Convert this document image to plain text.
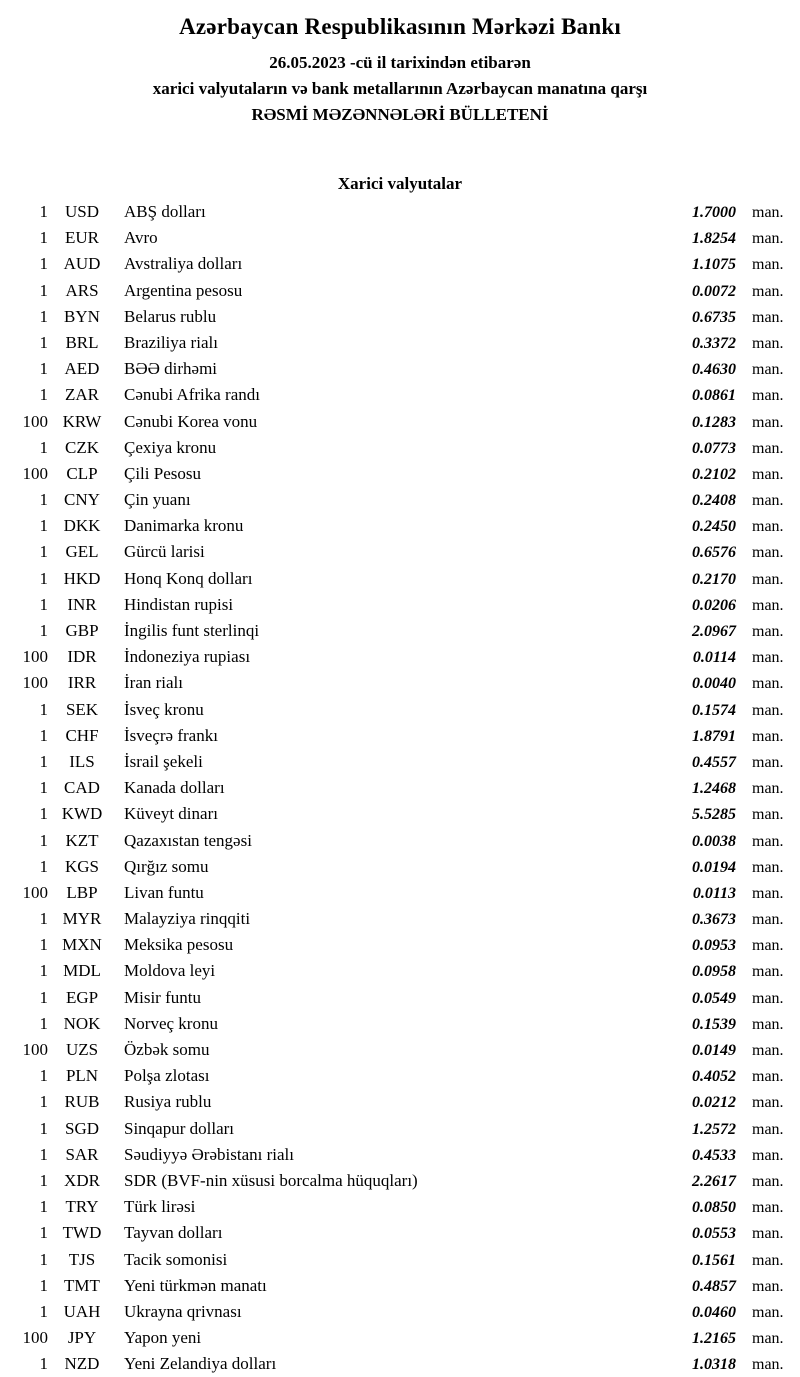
Azərbaycan Respublikasının Mərkəzi Bankı

26.05.2023 -cü il tarixindən etibarən

xarici valyutaların və bank metallarının Azərbaycan manatına qarşı

RƏSMİ MƏZƏNNƏLƏRİ BÜLLETENİ

Xarici valyutalar
1 USD	ABŞ dolları	1.7000	man.
1	EUR	Avro	1.8254	man.
1 AUD	Avstraliya dolları	1.1075	man.
1	ARS	Argentina pesosu	0.0072	man.
1 BYN	Belarus rublu	0.6735	man.
1	BRL	Braziliya rialı	0.3372	man.
1 AED	BƏƏ dirhəmi	0.4630	man.
1	ZAR	Cənubi Afrika randı	0.0861	man.
100 KRW	Cənubi Korea vonu	0.1283	man.
1	CZK	Çexiya kronu	0.0773	man.
100	CLP	Çili Pesosu	0.2102	man.
1 CNY	Çin yuanı	0.2408	man.
1 DKK	Danimarka kronu	0.2450	man.
1	GEL	Gürcü larisi	0.6576	man.
1 HKD	Honq Konq dolları	0.2170	man.
1	INR	Hindistan rupisi	0.0206	man.
1	GBP	İngilis funt sterlinqi	2.0967	man.
100	IDR	İndoneziya rupiası	0.0114	man.
100	IRR	İran rialı	0.0040	man.
1	SEK	İsveç kronu	0.1574	man.
1	CHF	İsveçrə frankı	1.8791	man.
1	ILS	İsrail şekeli	0.4557	man.
1 CAD	Kanada dolları	1.2468	man.
1 KWD	Küveyt dinarı	5.5285	man.
1	KZT	Qazaxıstan tengəsi	0.0038	man.
1 KGS	Qırğız somu	0.0194	man.
100	LBP	Livan funtu	0.0113	man.
1 MYR	Malayziya rinqqiti	0.3673	man.
1 MXN	Meksika pesosu	0.0953	man.
1 MDL	Moldova leyi	0.0958	man.
1	EGP	Misir funtu	0.0549	man.
1 NOK	Norveç kronu	0.1539	man.
100	UZS	Özbək somu	0.0149	man.
1	PLN	Polşa zlotası	0.4052	man.
1 RUB	Rusiya rublu	0.0212	man.
1 SGD	Sinqapur dolları	1.2572	man.
1	SAR	Səudiyyə Ərəbistanı rialı	0.4533	man.
1 XDR	SDR (BVF-nin xüsusi borcalma hüquqları)	2.2617	man.
1	TRY	Türk lirəsi	0.0850	man.
1 TWD	Tayvan dolları	0.0553	man.
1	TJS	Tacik somonisi	0.1561	man.
1 TMT	Yeni türkmən manatı	0.4857	man.
1 UAH	Ukrayna qrivnası	0.0460	man.
100	JPY	Yapon yeni	1.2165	man.
1 NZD	Yeni Zelandiya dolları	1.0318	man.
